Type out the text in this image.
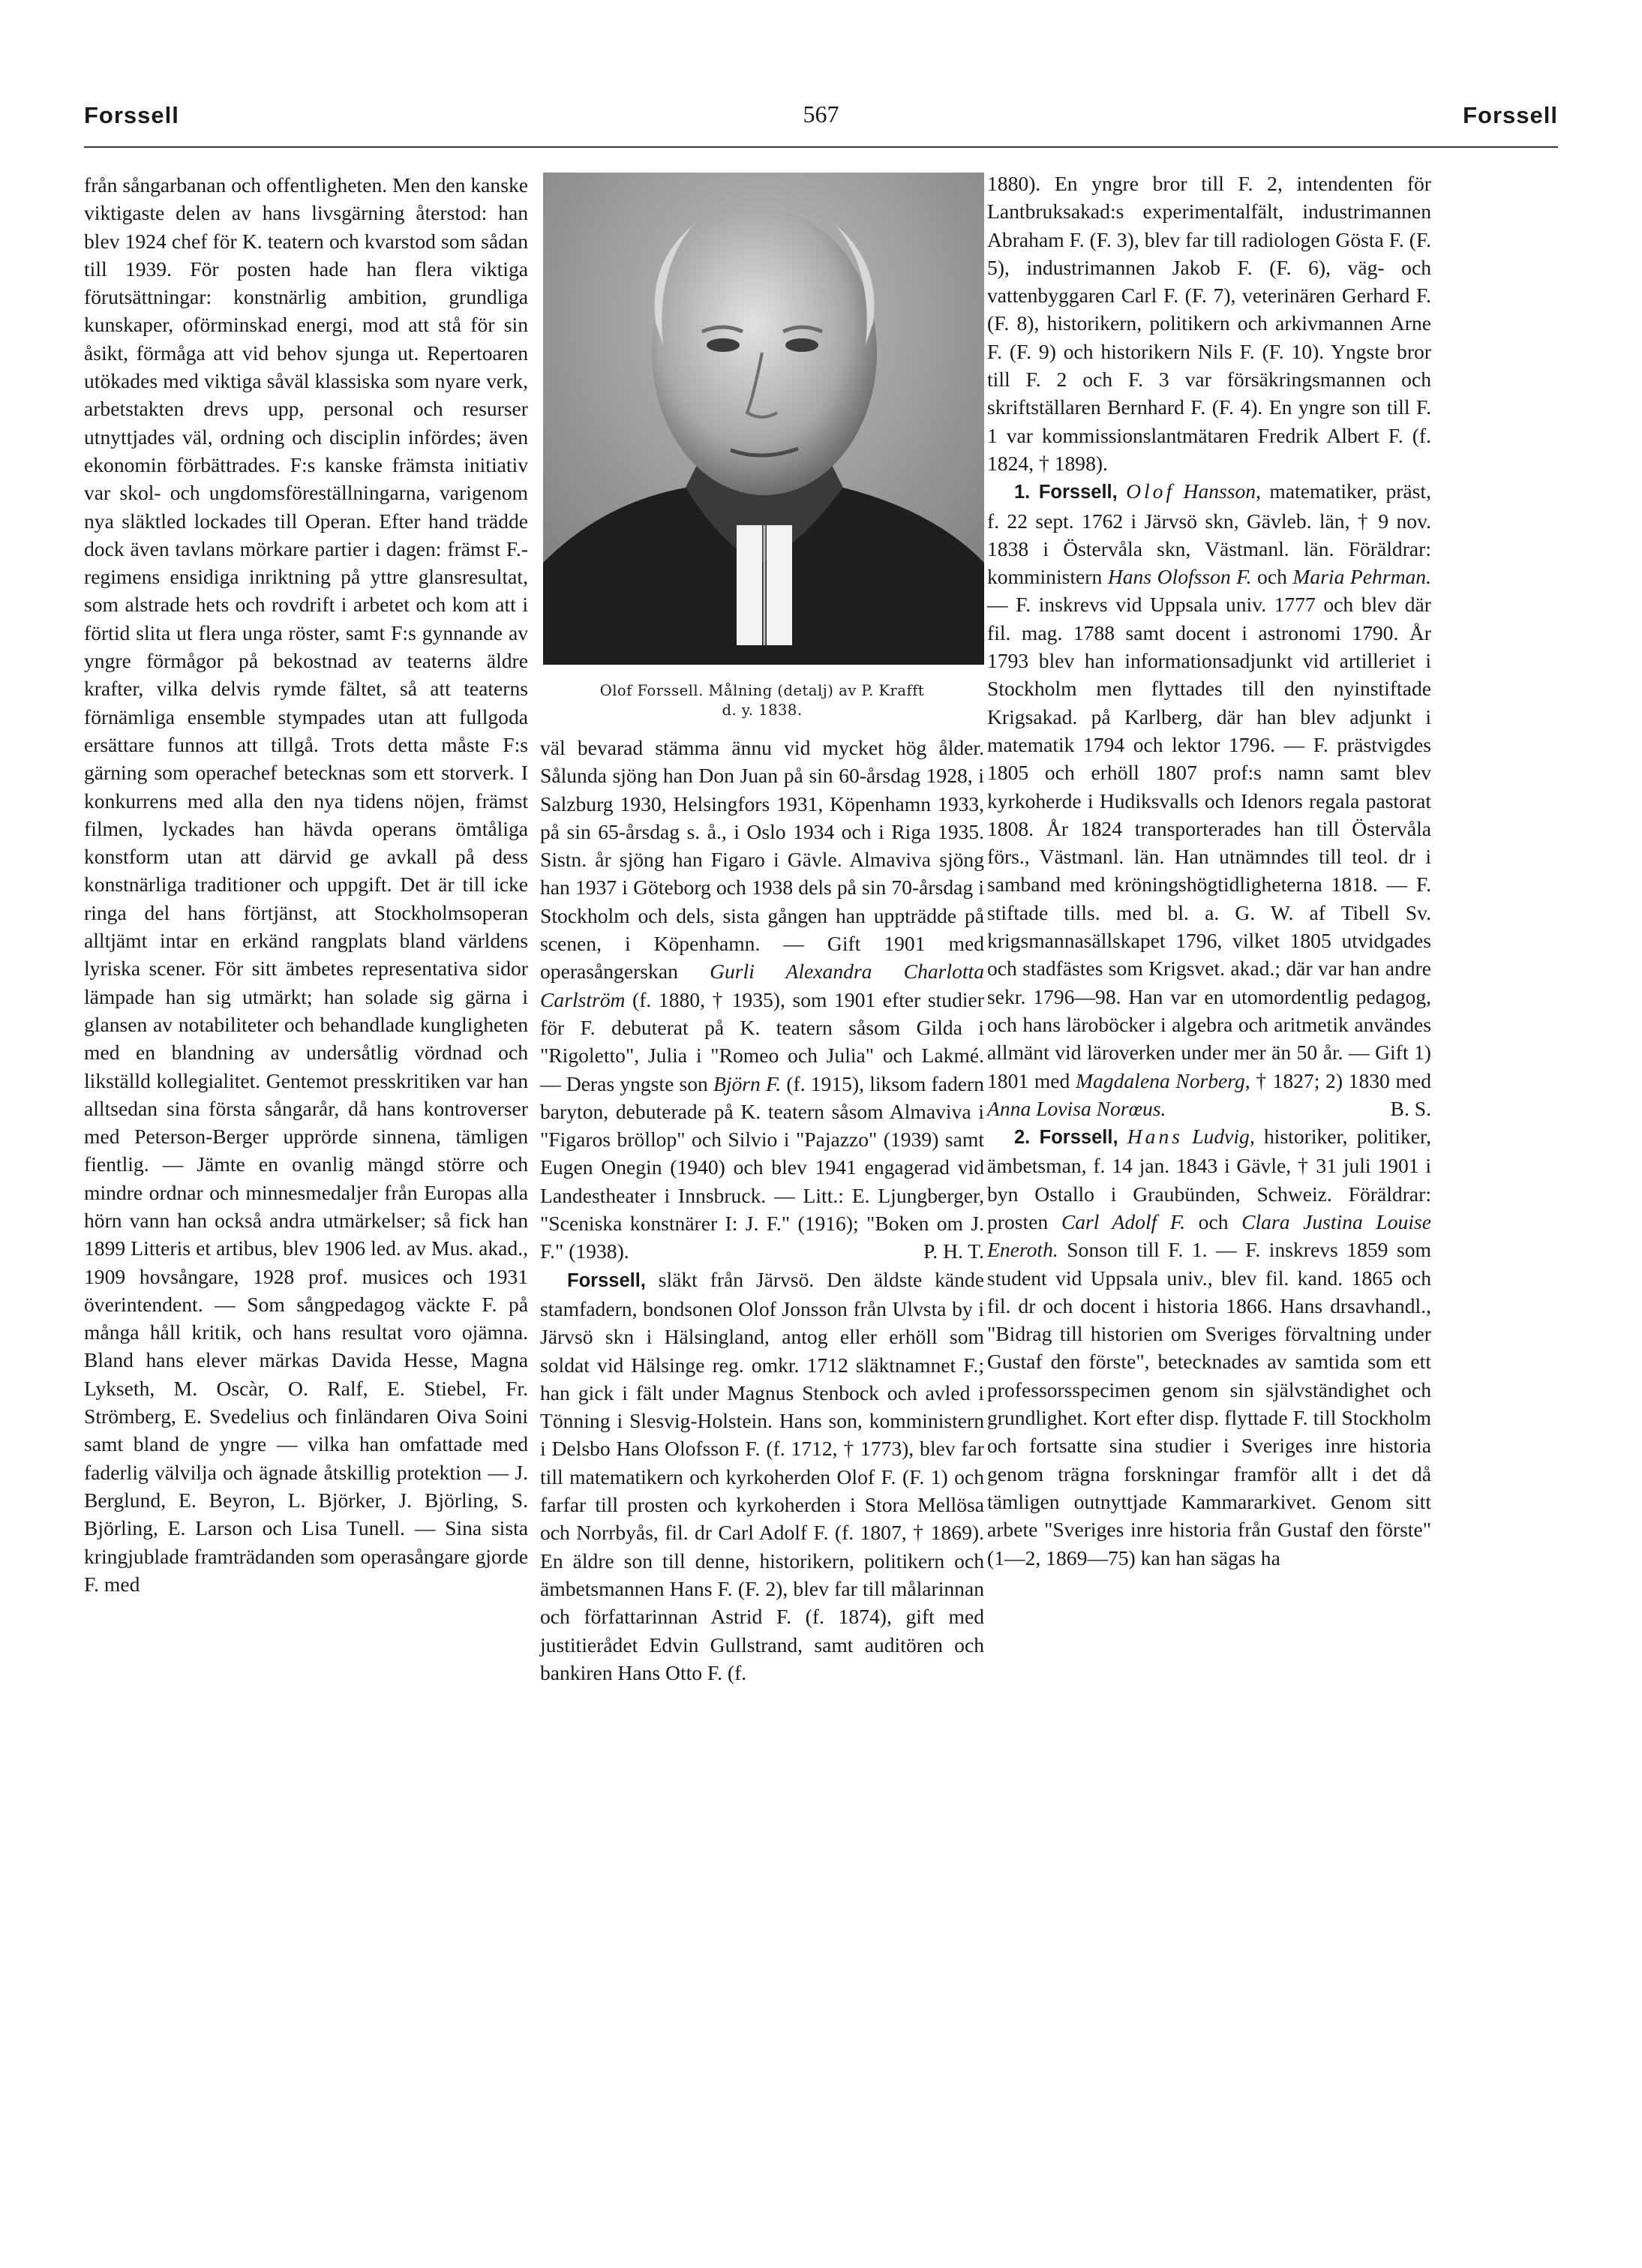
Forssell	567	Forssell

från sångarbanan och offentligheten. Men den kanske viktigaste delen av hans livsgärning återstod: han blev 1924 chef för K. teatern och kvarstod som sådan till 1939. För posten hade han flera viktiga förutsättningar: konstnärlig ambition, grundliga kunskaper, oförminskad energi, mod att stå för sin åsikt, förmåga att vid behov sjunga ut. Repertoaren utökades med viktiga såväl klassiska som nyare verk, arbetstakten drevs upp, personal och resurser utnyttjades väl, ordning och disciplin infördes; även ekonomin förbättrades. F:s kanske främsta initiativ var skol- och ungdomsföreställningarna, varigenom nya släktled lockades till Operan. Efter hand trädde dock även tavlans mörkare partier i dagen: främst F.-regimens ensidiga inriktning på yttre glansresultat, som alstrade hets och rovdrift i arbetet och kom att i förtid slita ut flera unga röster, samt F:s gynnande av yngre förmågor på bekostnad av teaterns äldre krafter, vilka delvis rymde fältet, så att teaterns förnämliga ensemble stympades utan att fullgoda ersättare funnos att tillgå. Trots detta måste F:s gärning som operachef betecknas som ett storverk. I konkurrens med alla den nya tidens nöjen, främst filmen, lyckades han hävda operans ömtåliga konstform utan att därvid ge avkall på dess konstnärliga traditioner och uppgift. Det är till icke ringa del hans förtjänst, att Stockholmsoperan alltjämt intar en erkänd rangplats bland världens lyriska scener. För sitt ämbetes representativa sidor lämpade han sig utmärkt; han solade sig gärna i glansen av notabiliteter och behandlade kungligheten med en blandning av undersåtlig vördnad och likställd kollegialitet. Gentemot presskritiken var han alltsedan sina första sångarår, då hans kontroverser med Peterson-Berger upprörde sinnena, tämligen fientlig. — Jämte en ovanlig mängd större och mindre ordnar och minnesmedaljer från Europas alla hörn vann han också andra utmärkelser; så fick han 1899 Litteris et artibus, blev 1906 led. av Mus. akad., 1909 hovsångare, 1928 prof. musices och 1931 överintendent. — Som sångpedagog väckte F. på många håll kritik, och hans resultat voro ojämna. Bland hans elever märkas Davida Hesse, Magna Lykseth, M. Oscàr, O. Ralf, E. Stiebel, Fr. Strömberg, E. Svedelius och finländaren Oiva Soini samt bland de yngre — vilka han omfattade med faderlig välvilja och ägnade åtskillig protektion — J. Berglund, E. Beyron, L. Björker, J. Björling, S. Björling, E. Larson och Lisa Tunell. — Sina sista kringjublade framträdanden som operasångare gjorde F. med

Olof Forssell. Målning (detalj) av P. Krafft
d. y. 1838.

väl bevarad stämma ännu vid mycket hög ålder. Sålunda sjöng han Don Juan på sin 60-årsdag 1928, i Salzburg 1930, Helsingfors 1931, Köpenhamn 1933, på sin 65-årsdag s. å., i Oslo 1934 och i Riga 1935. Sistn. år sjöng han Figaro i Gävle. Almaviva sjöng han 1937 i Göteborg och 1938 dels på sin 70-årsdag i Stockholm och dels, sista gången han uppträdde på scenen, i Köpenhamn. — Gift 1901 med operasångerskan Gurli Alexandra Charlotta Carlström (f. 1880, † 1935), som 1901 efter studier för F. debuterat på K. teatern såsom Gilda i "Rigoletto", Julia i "Romeo och Julia" och Lakmé. — Deras yngste son Björn F. (f. 1915), liksom fadern baryton, debuterade på K. teatern såsom Almaviva i "Figaros bröllop" och Silvio i "Pajazzo" (1939) samt Eugen Onegin (1940) och blev 1941 engagerad vid Landestheater i Innsbruck. — Litt.: E. Ljungberger, "Sceniska konstnärer I: J. F." (1916); "Boken om J. F." (1938).	P. H. T.

Forssell, släkt från Järvsö. Den äldste kände stamfadern, bondsonen Olof Jonsson från Ulvsta by i Järvsö skn i Hälsingland, antog eller erhöll som soldat vid Hälsinge reg. omkr. 1712 släktnamnet F.; han gick i fält under Magnus Stenbock och avled i Tönning i Slesvig-Holstein. Hans son, komministern i Delsbo Hans Olofsson F. (f. 1712, † 1773), blev far till matematikern och kyrkoherden Olof F. (F. 1) och farfar till prosten och kyrkoherden i Stora Mellösa och Norrbyås, fil. dr Carl Adolf F. (f. 1807, † 1869). En äldre son till denne, historikern, politikern och ämbetsmannen Hans F. (F. 2), blev far till målarinnan och författarinnan Astrid F. (f. 1874), gift med justitierådet Edvin Gullstrand, samt auditören och bankiren Hans Otto F. (f.

1880). En yngre bror till F. 2, intendenten för Lantbruksakad:s experimentalfält, industrimannen Abraham F. (F. 3), blev far till radiologen Gösta F. (F. 5), industrimannen Jakob F. (F. 6), väg- och vattenbyggaren Carl F. (F. 7), veterinären Gerhard F. (F. 8), historikern, politikern och arkivmannen Arne F. (F. 9) och historikern Nils F. (F. 10). Yngste bror till F. 2 och F. 3 var försäkringsmannen och skriftställaren Bernhard F. (F. 4). En yngre son till F. 1 var kommissionslantmätaren Fredrik Albert F. (f. 1824, † 1898).

1. Forssell, Olof Hansson, matematiker, präst, f. 22 sept. 1762 i Järvsö skn, Gävleb. län, † 9 nov. 1838 i Östervåla skn, Västmanl. län. Föräldrar: komministern Hans Olofsson F. och Maria Pehrman. — F. inskrevs vid Uppsala univ. 1777 och blev där fil. mag. 1788 samt docent i astronomi 1790. År 1793 blev han informationsadjunkt vid artilleriet i Stockholm men flyttades till den nyinstiftade Krigsakad. på Karlberg, där han blev adjunkt i matematik 1794 och lektor 1796. — F. prästvigdes 1805 och erhöll 1807 prof:s namn samt blev kyrkoherde i Hudiksvalls och Idenors regala pastorat 1808. År 1824 transporterades han till Östervåla förs., Västmanl. län. Han utnämndes till teol. dr i samband med kröningshögtidligheterna 1818. — F. stiftade tills. med bl. a. G. W. af Tibell Sv. krigsmannasällskapet 1796, vilket 1805 utvidgades och stadfästes som Krigsvet. akad.; där var han andre sekr. 1796—98. Han var en utomordentlig pedagog, och hans läroböcker i algebra och aritmetik användes allmänt vid läroverken under mer än 50 år. — Gift 1) 1801 med Magdalena Norberg, † 1827; 2) 1830 med Anna Lovisa Norœus.	B. S.

2. Forssell, Hans Ludvig, historiker, politiker, ämbetsman, f. 14 jan. 1843 i Gävle, † 31 juli 1901 i byn Ostallo i Graubünden, Schweiz. Föräldrar: prosten Carl Adolf F. och Clara Justina Louise Eneroth. Sonson till F. 1. — F. inskrevs 1859 som student vid Uppsala univ., blev fil. kand. 1865 och fil. dr och docent i historia 1866. Hans drsavhandl., "Bidrag till historien om Sveriges förvaltning under Gustaf den förste", betecknades av samtida som ett professorsspecimen genom sin självständighet och grundlighet. Kort efter disp. flyttade F. till Stockholm och fortsatte sina studier i Sveriges inre historia genom trägna forskningar framför allt i det då tämligen outnyttjade Kammararkivet. Genom sitt arbete "Sveriges inre historia från Gustaf den förste" (1—2, 1869—75) kan han sägas ha
